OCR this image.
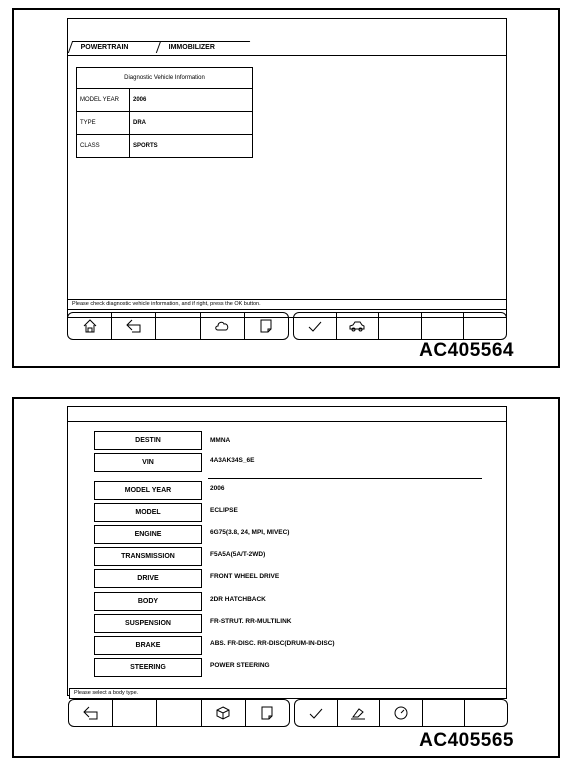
POWERTRAIN	IMMOBILIZER
Diagnostic Vehicle Information	
MODEL YEAR	2006
TYPE	DRA
CLASS	SPORTS
Please check diagnostic vehicle information, and if right, press the OK button.
AC405564
DESTIN	MMNA
VIN	4A3AK34S_6E
MODEL YEAR	2006
MODEL	ECLIPSE
ENGINE	6G75(3.8, 24, MPI, MIVEC)
TRANSMISSION	F5A5A(5A/T-2WD)
DRIVE	FRONT WHEEL DRIVE
BODY	2DR HATCHBACK
SUSPENSION	FR-STRUT. RR-MULTILINK
BRAKE	ABS. FR-DISC. RR-DISC(DRUM-IN-DISC)
STEERING	POWER STEERING
Please select a body type.
AC405565
